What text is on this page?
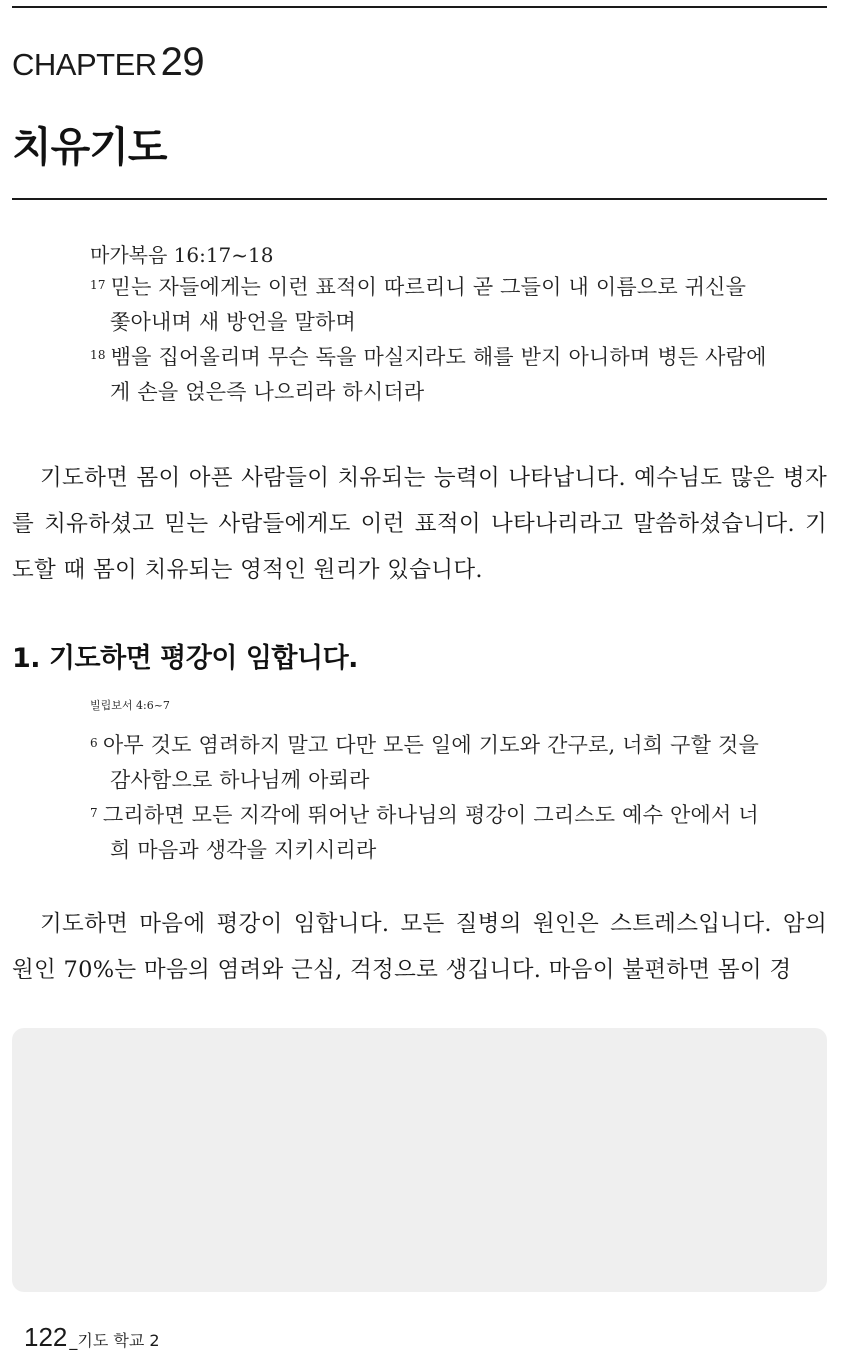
CHAPTER 29
치유기도
마가복음 16:17~18
$^{17}$ 믿는 자들에게는 이런 표적이 따르리니 곧 그들이 내 이름으로 귀신을 쫓아내며 새 방언을 말하며
$^{18}$ 뱀을 집어올리며 무슨 독을 마실지라도 해를 받지 아니하며 병든 사람에게 손을 얹은즉 나으리라 하시더라
기도하면 몸이 아픈 사람들이 치유되는 능력이 나타납니다. 예수님도 많은 병자를 치유하셨고 믿는 사람들에게도 이런 표적이 나타나리라고 말씀하셨습니다. 기도할 때 몸이 치유되는 영적인 원리가 있습니다.
1. 기도하면 평강이 임합니다.
빌립보서 4:6~7
$^6$ 아무 것도 염려하지 말고 다만 모든 일에 기도와 간구로, 너희 구할 것을 감사함으로 하나님께 아뢰라
$^7$ 그리하면 모든 지각에 뛰어난 하나님의 평강이 그리스도 예수 안에서 너희 마음과 생각을 지키시리라
기도하면 마음에 평강이 임합니다. 모든 질병의 원인은 스트레스입니다. 암의 원인 70%는 마음의 염려와 근심, 걱정으로 생깁니다. 마음이 불편하면 몸이 경
122 _기도 학교 2
